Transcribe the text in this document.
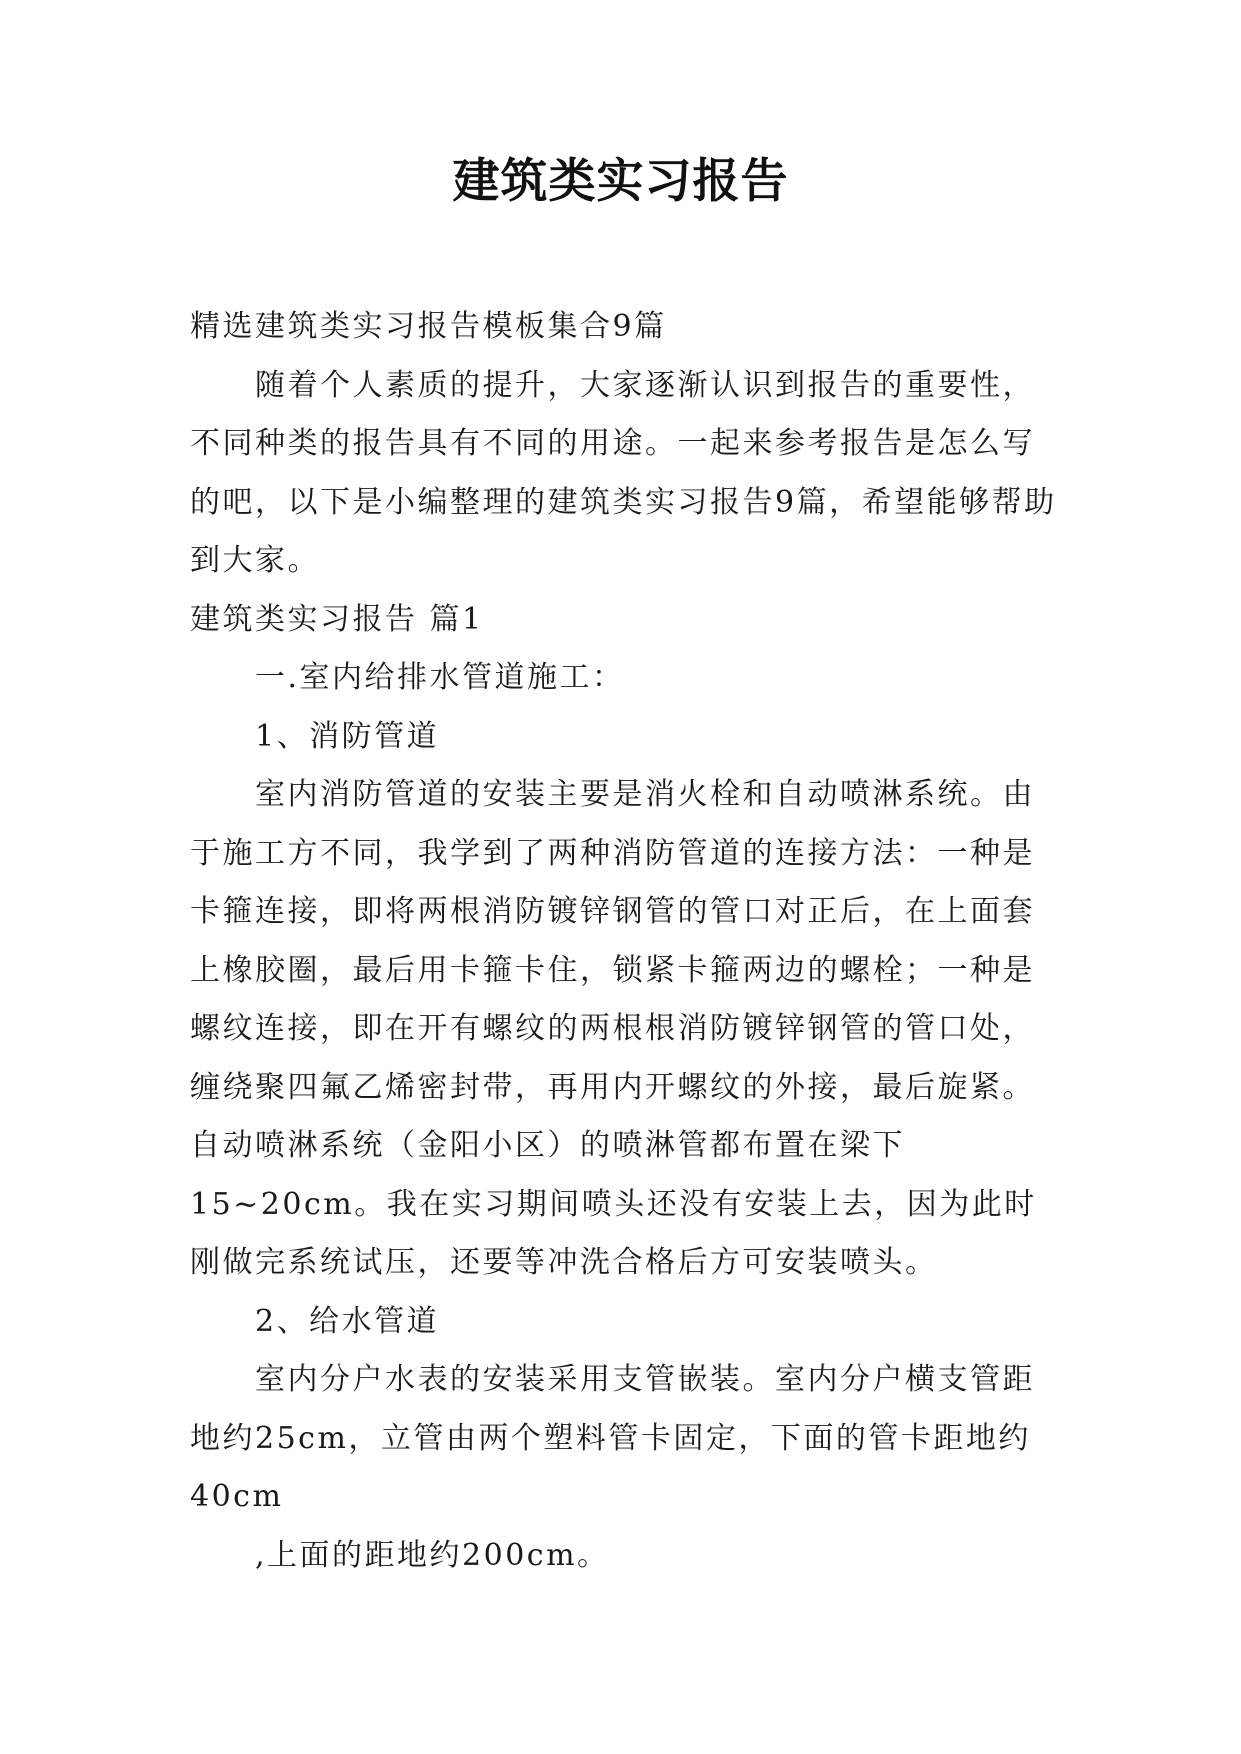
建筑类实习报告

精选建筑类实习报告模板集合9篇

随着个人素质的提升，大家逐渐认识到报告的重要性，不同种类的报告具有不同的用途。一起来参考报告是怎么写的吧，以下是小编整理的建筑类实习报告9篇，希望能够帮助到大家。

建筑类实习报告 篇1

一.室内给排水管道施工：

1、消防管道

室内消防管道的安装主要是消火栓和自动喷淋系统。由于施工方不同，我学到了两种消防管道的连接方法：一种是卡箍连接，即将两根消防镀锌钢管的管口对正后，在上面套上橡胶圈，最后用卡箍卡住，锁紧卡箍两边的螺栓；一种是螺纹连接，即在开有螺纹的两根根消防镀锌钢管的管口处，缠绕聚四氟乙烯密封带，再用内开螺纹的外接，最后旋紧。自动喷淋系统（金阳小区）的喷淋管都布置在梁下15~20cm。我在实习期间喷头还没有安装上去，因为此时刚做完系统试压，还要等冲洗合格后方可安装喷头。

2、给水管道

室内分户水表的安装采用支管嵌装。室内分户横支管距地约25cm，立管由两个塑料管卡固定，下面的管卡距地约40cm

,上面的距地约200cm。
